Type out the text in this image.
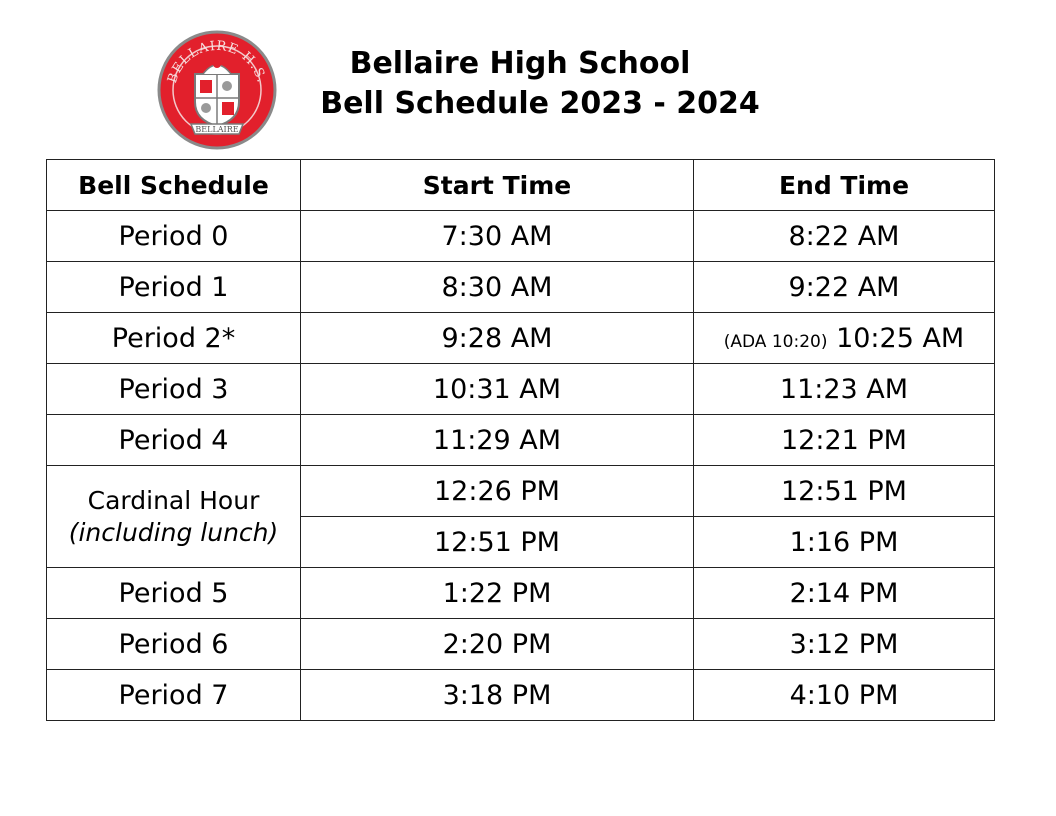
BELLAIRE H.S.
BELLAIRE
Bellaire High School
Bell Schedule 2023 - 2024
Bell Schedule	Start Time	End Time
Period 0	7:30 AM	8:22 AM
Period 1	8:30 AM	9:22 AM
Period 2*	9:28 AM	(ADA 10:20) 10:25 AM
Period 3	10:31 AM	11:23 AM
Period 4	11:29 AM	12:21 PM

Cardinal Hour
(including lunch)	12:26 PM	12:51 PM
	12:51 PM	1:16 PM
Period 5	1:22 PM	2:14 PM
Period 6	2:20 PM	3:12 PM
Period 7	3:18 PM	4:10 PM
